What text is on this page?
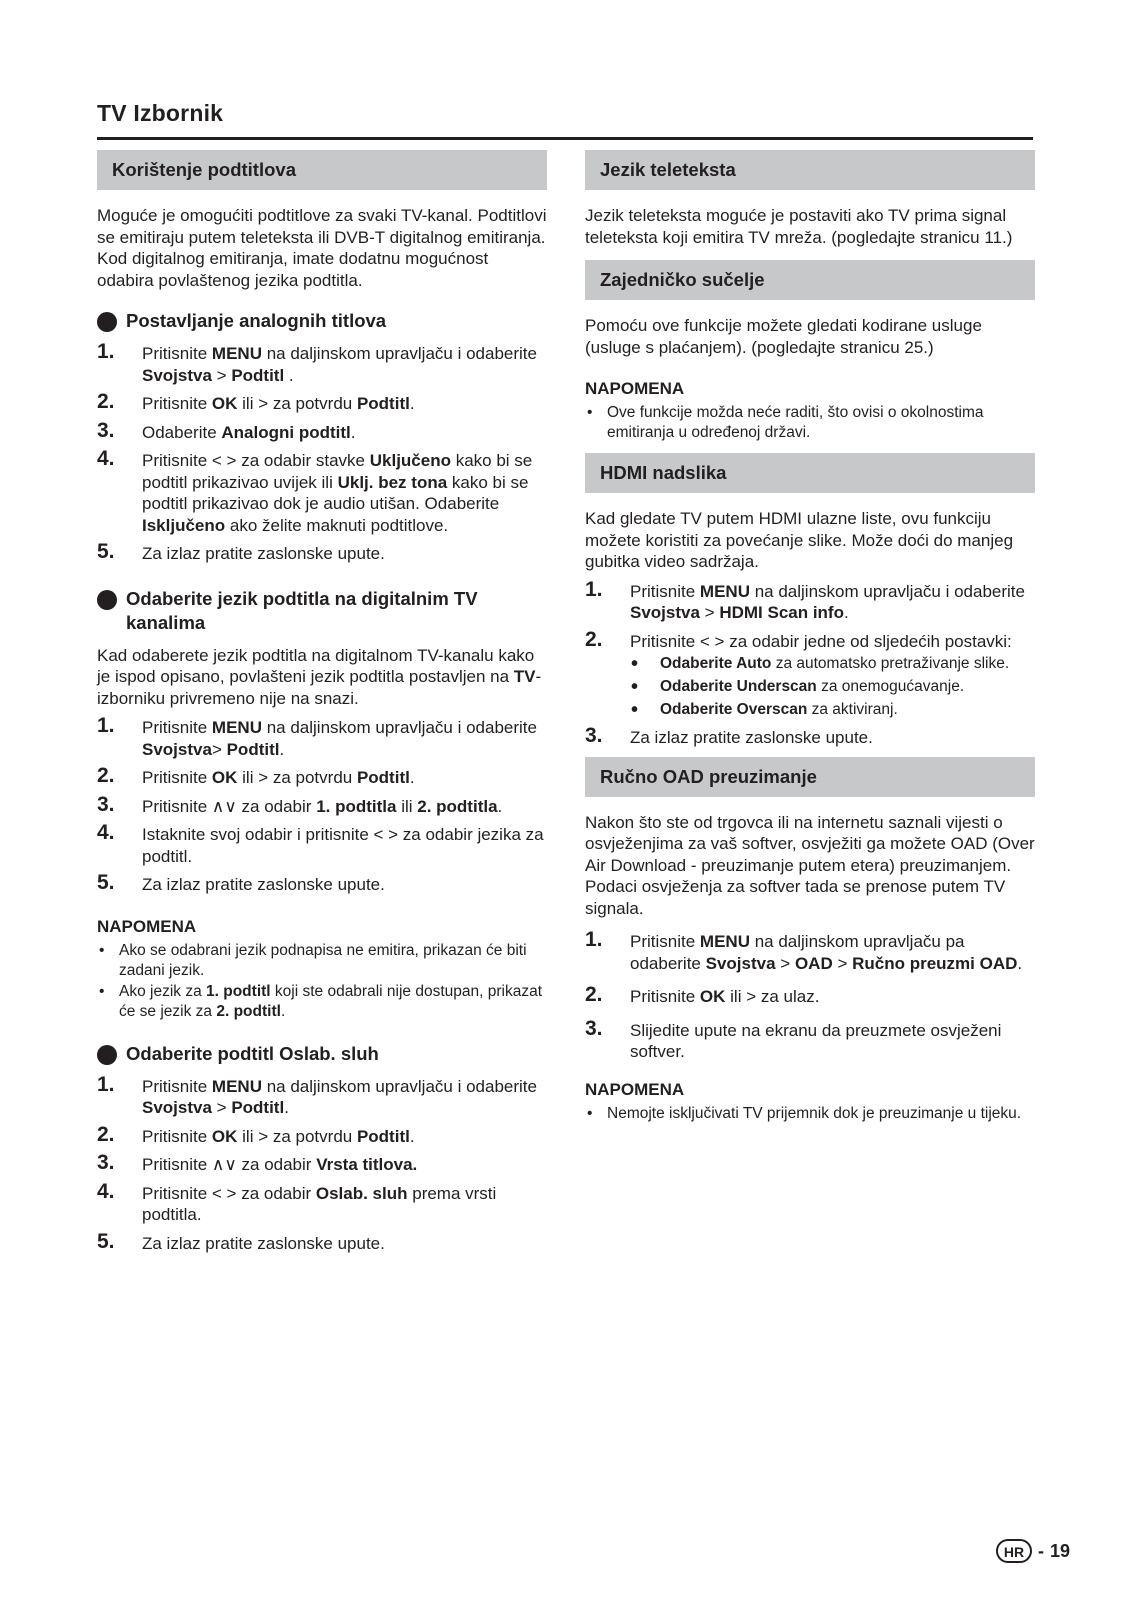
TV Izbornik
Korištenje podtitlova

Moguće je omogućiti podtitlove za svaki TV-kanal. Podtitlovi se emitiraju putem teleteksta ili DVB-T digitalnog emitiranja. Kod digitalnog emitiranja, imate dodatnu mogućnost odabira povlaštenog jezika podtitla.

Postavljanje analognih titlova
1. Pritisnite MENU na daljinskom upravljaču i odaberite Svojstva > Podtitl .
2. Pritisnite OK ili > za potvrdu Podtitl.
3. Odaberite Analogni podtitl.
4. Pritisnite < > za odabir stavke Uključeno kako bi se podtitl prikazivao uvijek ili Uklj. bez tona kako bi se podtitl prikazivao dok je audio utišan. Odaberite Isključeno ako želite maknuti podtitlove.
5. Za izlaz pratite zaslonske upute.
Odaberite jezik podtitla na digitalnim TV kanalima

Kad odaberete jezik podtitla na digitalnom TV-kanalu kako je ispod opisano, povlašteni jezik podtitla postavljen na TV-izborniku privremeno nije na snazi.

1. Pritisnite MENU na daljinskom upravljaču i odaberite Svojstva> Podtitl.
2. Pritisnite OK ili > za potvrdu Podtitl.
3. Pritisnite ∧∨ za odabir 1. podtitla ili 2. podtitla.
4. Istaknite svoj odabir i pritisnite < > za odabir jezika za podtitl.
5. Za izlaz pratite zaslonske upute.
NAPOMENA
• Ako se odabrani jezik podnapisa ne emitira, prikazan će biti zadani jezik.
• Ako jezik za 1. podtitl koji ste odabrali nije dostupan, prikazat će se jezik za 2. podtitl.
Odaberite podtitl Oslab. sluh
1. Pritisnite MENU na daljinskom upravljaču i odaberite Svojstva > Podtitl.
2. Pritisnite OK ili > za potvrdu Podtitl.
3. Pritisnite ∧∨ za odabir Vrsta titlova.
4. Pritisnite < > za odabir Oslab. sluh prema vrsti podtitla.
5. Za izlaz pratite zaslonske upute.
Jezik teleteksta

Jezik teleteksta moguće je postaviti ako TV prima signal teleteksta koji emitira TV mreža. (pogledajte stranicu 11.)

Zajedničko sučelje

Pomoću ove funkcije možete gledati kodirane usluge (usluge s plaćanjem). (pogledajte stranicu 25.)

NAPOMENA
• Ove funkcije možda neće raditi, što ovisi o okolnostima emitiranja u određenoj državi.
HDMI nadslika

Kad gledate TV putem HDMI ulazne liste, ovu funkciju možete koristiti za povećanje slike. Može doći do manjeg gubitka video sadržaja.

1. Pritisnite MENU na daljinskom upravljaču i odaberite Svojstva > HDMI Scan info.
2. Pritisnite < > za odabir jedne od sljedećih postavki:
• Odaberite Auto za automatsko pretraživanje slike.
• Odaberite Underscan za onemogućavanje.
• Odaberite Overscan za aktiviranj.
3. Za izlaz pratite zaslonske upute.
Ručno OAD preuzimanje

Nakon što ste od trgovca ili na internetu saznali vijesti o osvježenjima za vaš softver, osvježiti ga možete OAD (Over Air Download - preuzimanje putem etera) preuzimanjem. Podaci osvježenja za softver tada se prenose putem TV signala.

1. Pritisnite MENU na daljinskom upravljaču pa odaberite Svojstva > OAD > Ručno preuzmi OAD.
2. Pritisnite OK ili > za ulaz.
3. Slijedite upute na ekranu da preuzmete osvježeni softver.
NAPOMENA
• Nemojte isključivati TV prijemnik dok je preuzimanje u tijeku.
HR - 19
